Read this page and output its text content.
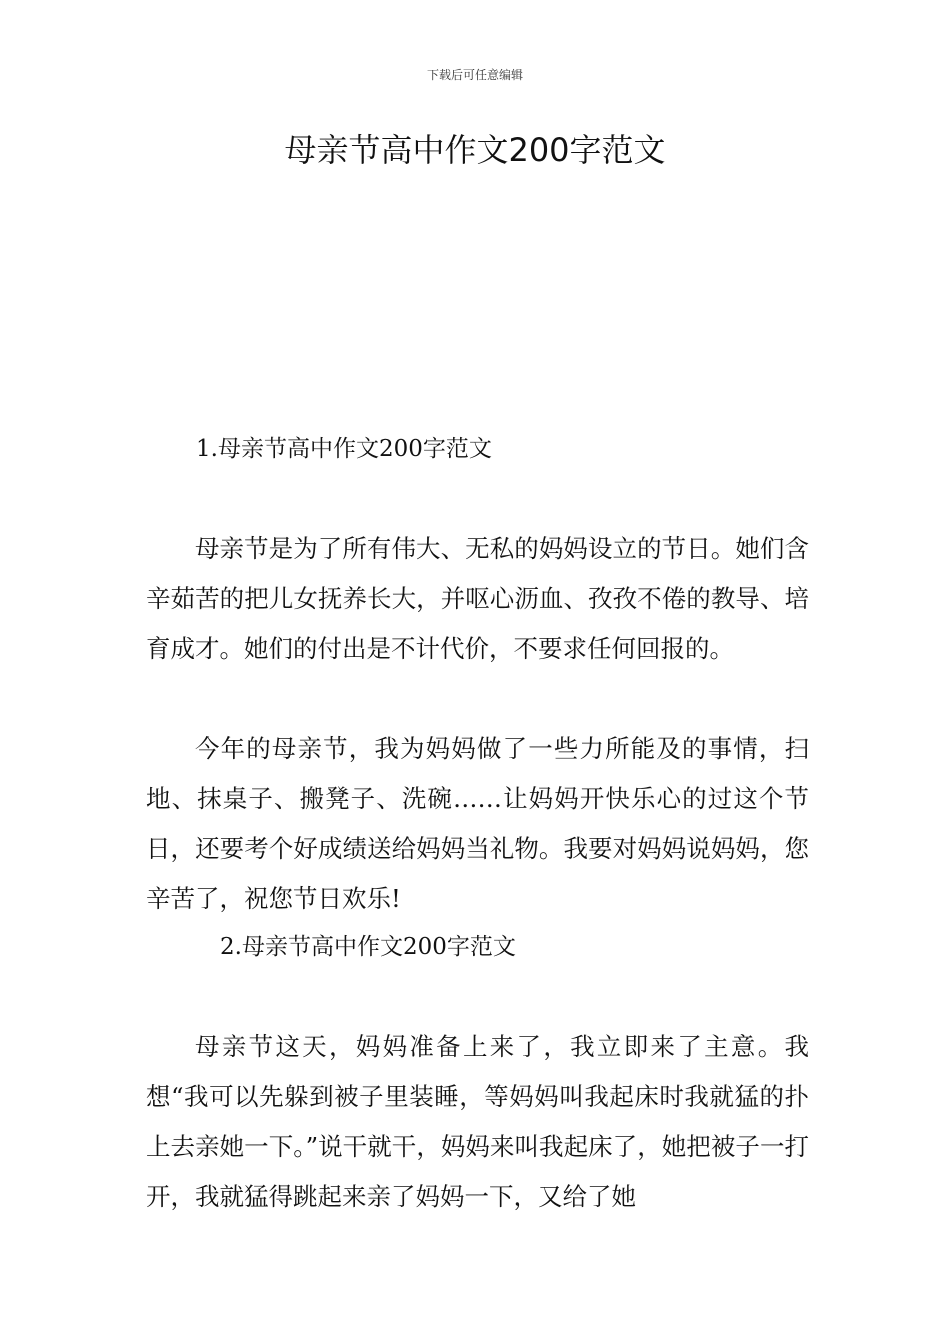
下载后可任意编辑
母亲节高中作文200字范文
1.母亲节高中作文200字范文

母亲节是为了所有伟大、无私的妈妈设立的节日。她们含辛茹苦的把儿女抚养长大，并呕心沥血、孜孜不倦的教导、培育成才。她们的付出是不计代价，不要求任何回报的。

今年的母亲节，我为妈妈做了一些力所能及的事情，扫地、抹桌子、搬凳子、洗碗……让妈妈开快乐心的过这个节日，还要考个好成绩送给妈妈当礼物。我要对妈妈说妈妈，您辛苦了，祝您节日欢乐!

2.母亲节高中作文200字范文

母亲节这天，妈妈准备上来了，我立即来了主意。我想“我可以先躲到被子里装睡，等妈妈叫我起床时我就猛的扑上去亲她一下。”说干就干，妈妈来叫我起床了，她把被子一打开，我就猛得跳起来亲了妈妈一下，又给了她
